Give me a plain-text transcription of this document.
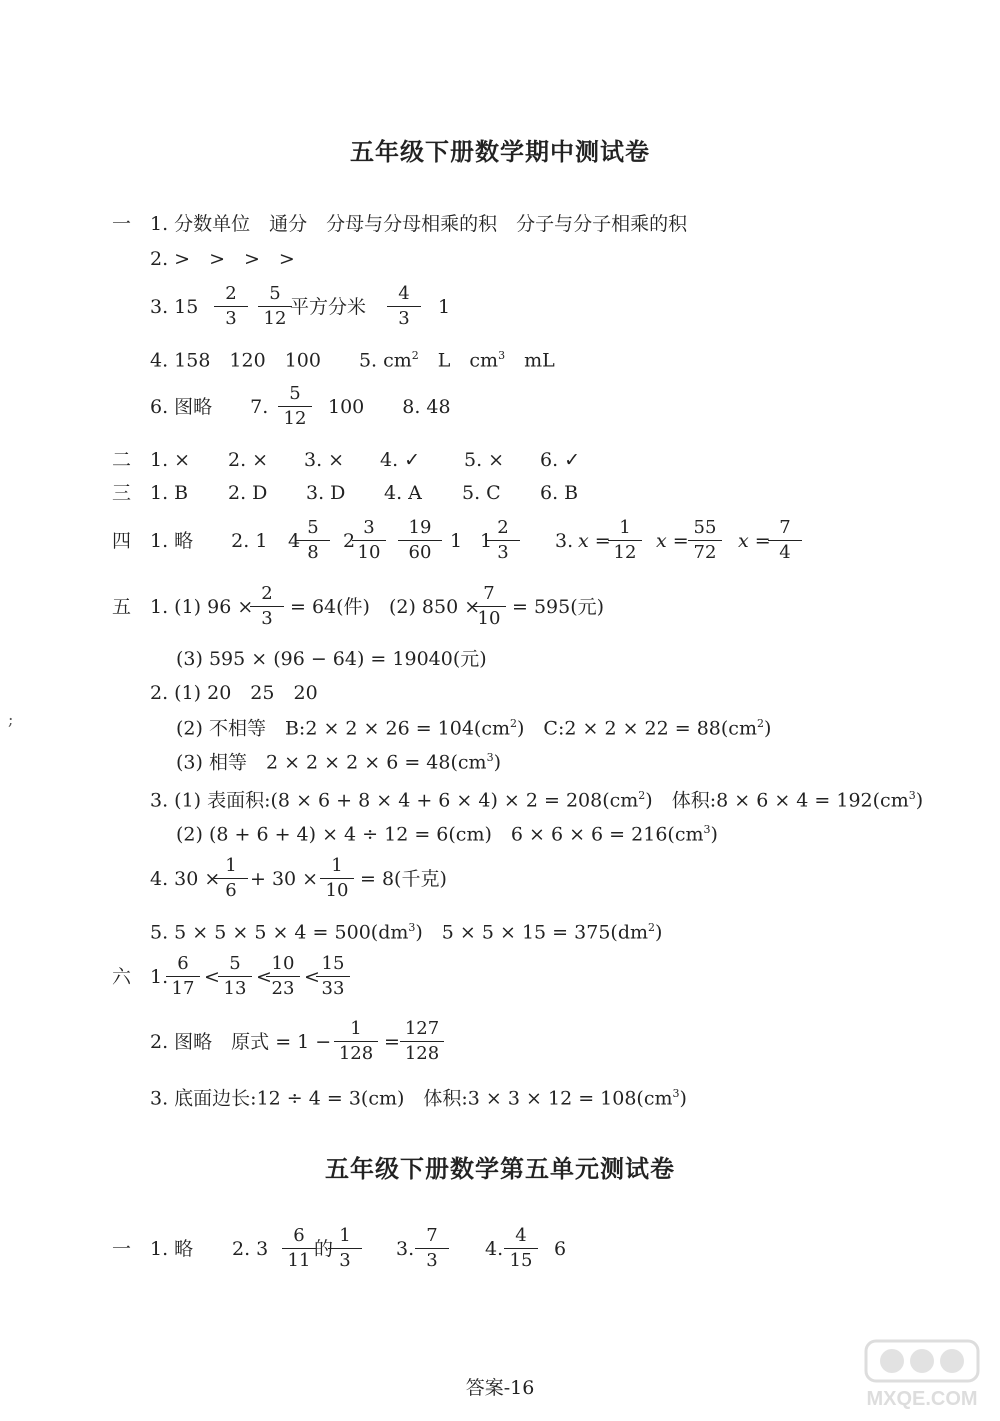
五年级下册数学期中测试卷
一 1. 分数单位　通分　分母与分母相乘的积　分子与分子相乘的积
2. >　>　>　>
3. 15
2
3
5
12
平方分米
4
3
1
4. 158　120　100　　5. $cm^2$　L　$cm^3$　mL
6. 图略　　7.
5
12
100　　8. 48
二 1. × 2. × 3. × 4. ✓ 5. × 6. ✓
三 1. B 2. D 3. D 4. A 5. C 6. B
四 1. 略　　2. 1 4
5
8
2
3
10
19
60
1 1
2
3
3. x =
1
12
x =
55
72
x =
7
4
五 1. (1) 96 ×
2
3
= 64(件)　(2) 850 ×
7
10
= 595(元)
(3) 595 × (96 − 64) = 19040(元)
2. (1) 20　25　20
(2) 不相等　B:2 × $2 \times 26 = 104(cm^2)$　C:2 × $2 \times 22 = 88(cm^2)$
(3) 相等　$2 \times 2 \times 2 \times 6 = 48(cm^3)$
3. (1) 表面积:(8 × $6 + 8 \times 4 + 6 \times 4) \times 2 = 208(cm^2)$　体积:8 × $6 \times 4 = 192(cm^3)$
(2) (8 + 6 + 4) × 4 ÷ 12 = 6(cm)　$6 \times 6 \times 6 = 216(cm^3)$
4. 30 ×
1
6
+ 30 ×
1
10
= 8(千克)
5. $5 \times 5 \times 5 \times 4 = 500(dm^3)$　$5 \times 5 \times 15 = 375(dm^2)$
六 1.
6
17
<
5
13
<
10
23
<
15
33
2. 图略　原式 = 1 −
1
128
=
127
128
3. 底面边长:12 ÷ 4 = 3(cm)　体积:3 × $3 \times 12 = 108(cm^3)$
五年级下册数学第五单元测试卷
一 1. 略 2. 3
6
11
的
1
3
3.
7
3
4.
4
15
6
;
答案-16	MXQE.COM
